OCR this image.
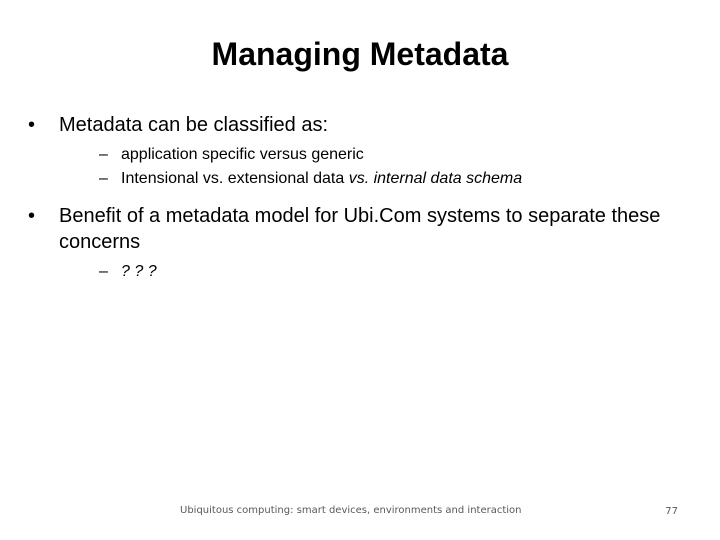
Managing Metadata
• Metadata can be classified as:
– application specific versus generic
– Intensional vs. extensional data vs. internal data schema
• Benefit of a metadata model for Ubi.Com systems to separate these concerns
– ? ? ?
Ubiquitous computing: smart devices, environments and interaction	77
